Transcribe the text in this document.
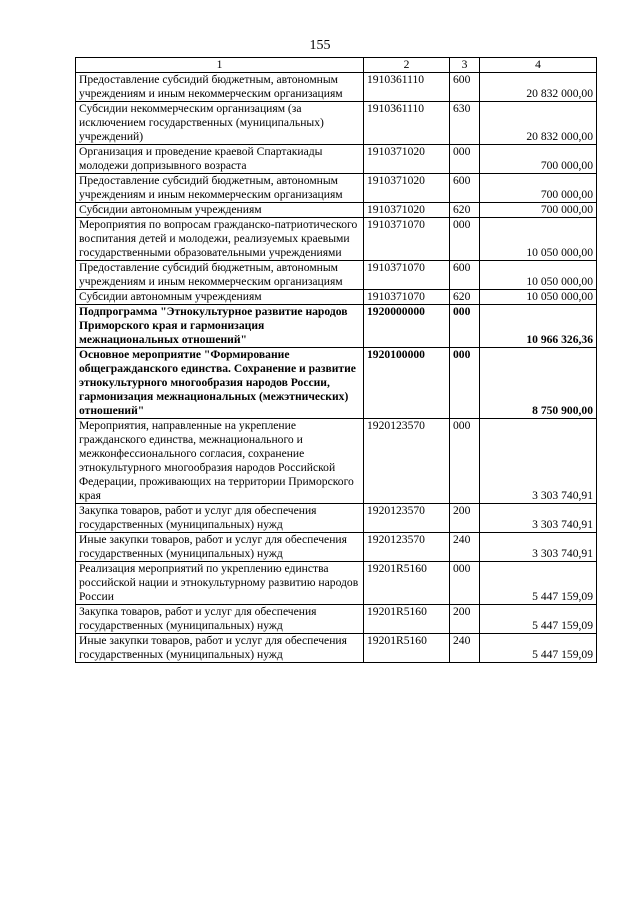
155
1	2	3	4
Предоставление субсидий бюджетным, автономным учреждениям и иным некоммерческим организациям	1910361110	600	20 832 000,00
Субсидии некоммерческим организациям (за исключением государственных (муниципальных) учреждений)	1910361110	630	20 832 000,00
Организация и проведение краевой Спартакиады молодежи допризывного возраста	1910371020	000	700 000,00
Предоставление субсидий бюджетным, автономным учреждениям и иным некоммерческим организациям	1910371020	600	700 000,00
Субсидии автономным учреждениям	1910371020	620	700 000,00
Мероприятия по вопросам гражданско-патриотического воспитания детей и молодежи, реализуемых краевыми государственными образовательными учреждениями	1910371070	000	10 050 000,00
Предоставление субсидий бюджетным, автономным учреждениям и иным некоммерческим организациям	1910371070	600	10 050 000,00
Субсидии автономным учреждениям	1910371070	620	10 050 000,00
Подпрограмма "Этнокультурное развитие народов Приморского края и гармонизация межнациональных отношений"	1920000000	000	10 966 326,36
Основное мероприятие "Формирование общегражданского единства. Сохранение и развитие этнокультурного многообразия народов России, гармонизация межнациональных (межэтнических) отношений"	1920100000	000	8 750 900,00
Мероприятия, направленные на укрепление гражданского единства, межнационального и межконфессионального согласия, сохранение этнокультурного многообразия народов Российской Федерации, проживающих на территории Приморского края	1920123570	000	3 303 740,91
Закупка товаров, работ и услуг для обеспечения государственных (муниципальных) нужд	1920123570	200	3 303 740,91
Иные закупки товаров, работ и услуг для обеспечения государственных (муниципальных) нужд	1920123570	240	3 303 740,91
Реализация мероприятий по укреплению единства российской нации и этнокультурному развитию народов России	19201R5160	000	5 447 159,09
Закупка товаров, работ и услуг для обеспечения государственных (муниципальных) нужд	19201R5160	200	5 447 159,09
Иные закупки товаров, работ и услуг для обеспечения государственных (муниципальных) нужд	19201R5160	240	5 447 159,09
